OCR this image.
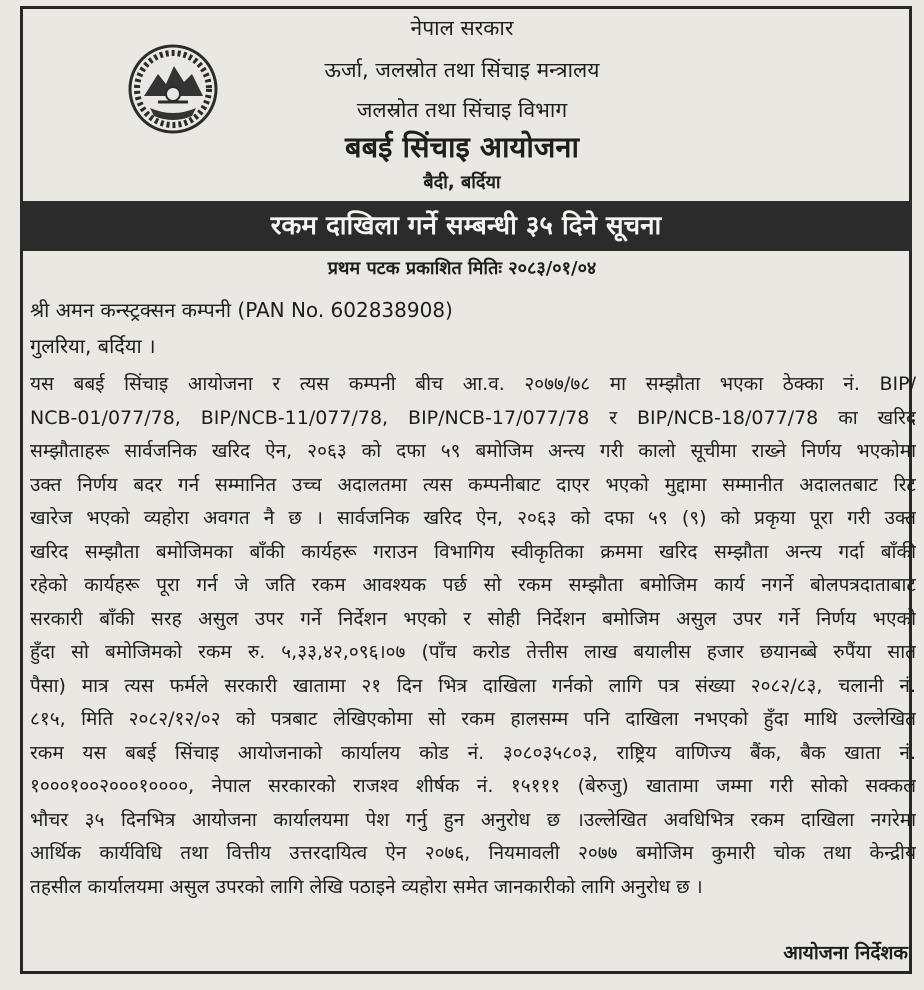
नेपाल सरकार
ऊर्जा, जलस्रोत तथा सिंचाइ मन्त्रालय
जलस्रोत तथा सिंचाइ विभाग
बबई सिंचाइ आयोजना
बैदी, बर्दिया
रकम दाखिला गर्ने सम्बन्धी ३५ दिने सूचना
प्रथम पटक प्रकाशित मितिः २०८३/०१/०४
श्री अमन कन्स्ट्रक्सन कम्पनी (PAN No. 602838908)
गुलरिया, बर्दिया ।
यस बबई सिंचाइ आयोजना र त्यस कम्पनी बीच आ.व. २०७७/७८ मा सम्झौता भएका ठेक्का नं. BIP/
NCB-01/077/78, BIP/NCB-11/077/78, BIP/NCB-17/077/78 र BIP/NCB-18/077/78 का खरिद
सम्झौताहरू सार्वजनिक खरिद ऐन, २०६३ को दफा ५९ बमोजिम अन्त्य गरी कालो सूचीमा राख्ने निर्णय भएकोमा
उक्त निर्णय बदर गर्न सम्मानित उच्च अदालतमा त्यस कम्पनीबाट दाएर भएको मुद्दामा सम्मानीत अदालतबाट रिट
खारेज भएको व्यहोरा अवगत नै छ । सार्वजनिक खरिद ऐन, २०६३ को दफा ५९ (९) को प्रकृया पूरा गरी उक्त
खरिद सम्झौता बमोजिमका बाँकी कार्यहरू गराउन विभागिय स्वीकृतिका क्रममा खरिद सम्झौता अन्त्य गर्दा बाँकी
रहेको कार्यहरू पूरा गर्न जे जति रकम आवश्यक पर्छ सो रकम सम्झौता बमोजिम कार्य नगर्ने बोलपत्रदाताबाट
सरकारी बाँकी सरह असुल उपर गर्ने निर्देशन भएको र सोही निर्देशन बमोजिम असुल उपर गर्ने निर्णय भएको
हुँदा सो बमोजिमको रकम रु. ५,३३,४२,०९६।०७ (पाँच करोड तेत्तीस लाख बयालीस हजार छयानब्बे रुपैंया सात
पैसा) मात्र त्यस फर्मले सरकारी खातामा २१ दिन भित्र दाखिला गर्नको लागि पत्र संख्या २०८२/८३, चलानी नं.
८१५, मिति २०८२/१२/०२ को पत्रबाट लेखिएकोमा सो रकम हालसम्म पनि दाखिला नभएको हुँदा माथि उल्लेखित
रकम यस बबई सिंचाइ आयोजनाको कार्यालय कोड नं. ३०८०३५८०३, राष्ट्रिय वाणिज्य बैंक, बैक खाता नं.
१०००१००२०००१००००, नेपाल सरकारको राजश्व शीर्षक नं. १५१११ (बेरुजु) खातामा जम्मा गरी सोको सक्कल
भौचर ३५ दिनभित्र आयोजना कार्यालयमा पेश गर्नु हुन अनुरोध छ ।उल्लेखित अवधिभित्र रकम दाखिला नगरेमा
आर्थिक कार्यविधि तथा वित्तीय उत्तरदायित्व ऐन २०७६, नियमावली २०७७ बमोजिम कुमारी चोक तथा केन्द्रीय
तहसील कार्यालयमा असुल उपरको लागि लेखि पठाइने व्यहोरा समेत जानकारीको लागि अनुरोध छ ।
आयोजना निर्देशक
